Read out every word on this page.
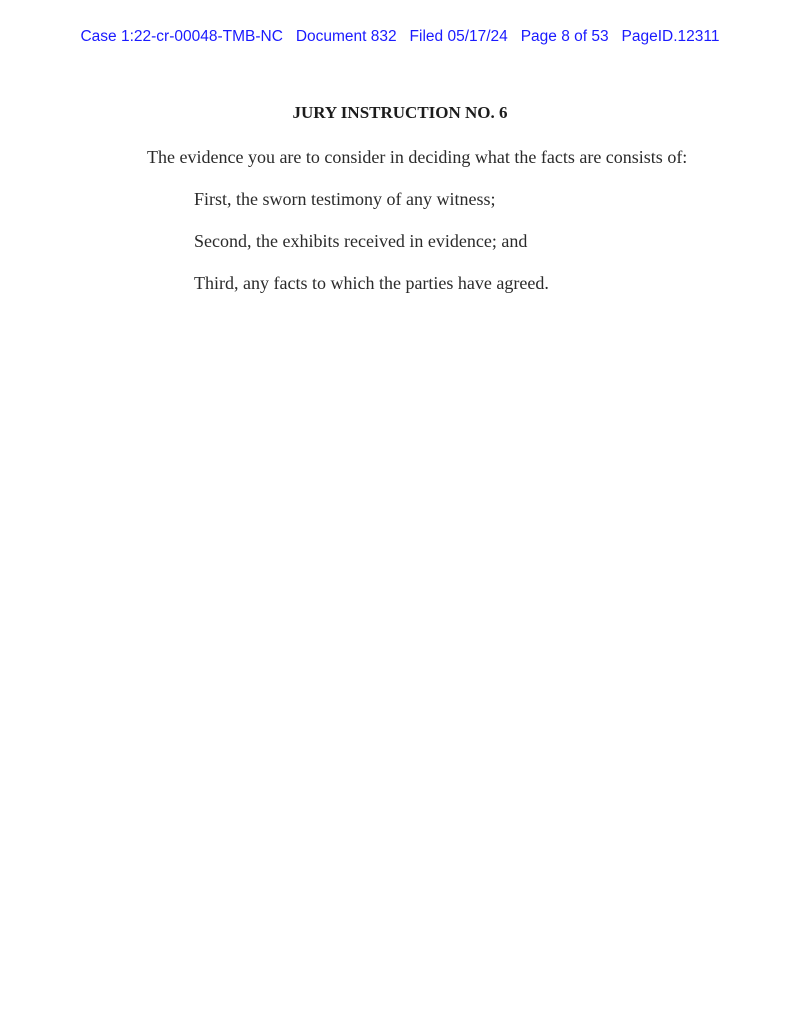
Case 1:22-cr-00048-TMB-NC   Document 832   Filed 05/17/24   Page 8 of 53   PageID.12311
JURY INSTRUCTION NO. 6
The evidence you are to consider in deciding what the facts are consists of:
First, the sworn testimony of any witness;
Second, the exhibits received in evidence; and
Third, any facts to which the parties have agreed.
